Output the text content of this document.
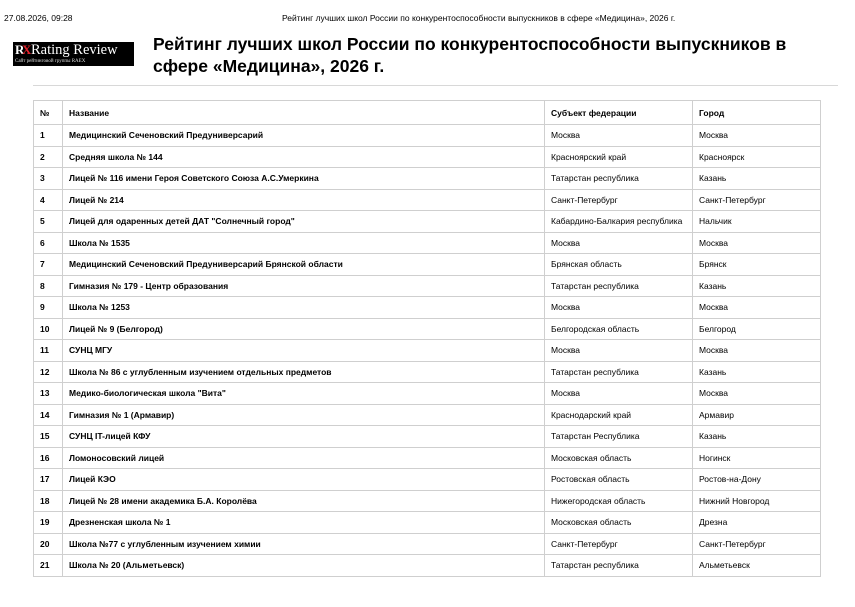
27.08.2026, 09:28	Рейтинг лучших школ России по конкурентоспособности выпускников в сфере «Медицина», 2026 г.
R
X Rating Review
Сайт рейтинговой группы RAEX
Рейтинг лучших школ России по конкурентоспособности выпускников в сфере «Медицина», 2026 г.
№	Название	Субъект федерации	Город
1	Медицинский Сеченовский Предуниверсарий	Москва	Москва
2	Средняя школа № 144	Красноярский край	Красноярск
3	Лицей № 116 имени Героя Советского Союза А.С.Умеркина	Татарстан республика	Казань
4	Лицей № 214	Санкт-Петербург	Санкт-Петербург
5	Лицей для одаренных детей ДАТ "Солнечный город"	Кабардино-Балкария республика	Нальчик
6	Школа № 1535	Москва	Москва
7	Медицинский Сеченовский Предуниверсарий Брянской области	Брянская область	Брянск
8	Гимназия № 179 - Центр образования	Татарстан республика	Казань
9	Школа № 1253	Москва	Москва
10	Лицей № 9 (Белгород)	Белгородская область	Белгород
11	СУНЦ МГУ	Москва	Москва
12	Школа № 86 с углубленным изучением отдельных предметов	Татарстан республика	Казань
13	Медико-биологическая школа "Вита"	Москва	Москва
14	Гимназия № 1 (Армавир)	Краснодарский край	Армавир
15	СУНЦ IT-лицей КФУ	Татарстан Республика	Казань
16	Ломоносовский лицей	Московская область	Ногинск
17	Лицей КЭО	Ростовская область	Ростов-на-Дону
18	Лицей № 28 имени академика Б.А. Королёва	Нижегородская область	Нижний Новгород
19	Дрезненская школа № 1	Московская область	Дрезна
20	Школа №77 с углубленным изучением химии	Санкт-Петербург	Санкт-Петербург
21	Школа № 20 (Альметьевск)	Татарстан республика	Альметьевск
